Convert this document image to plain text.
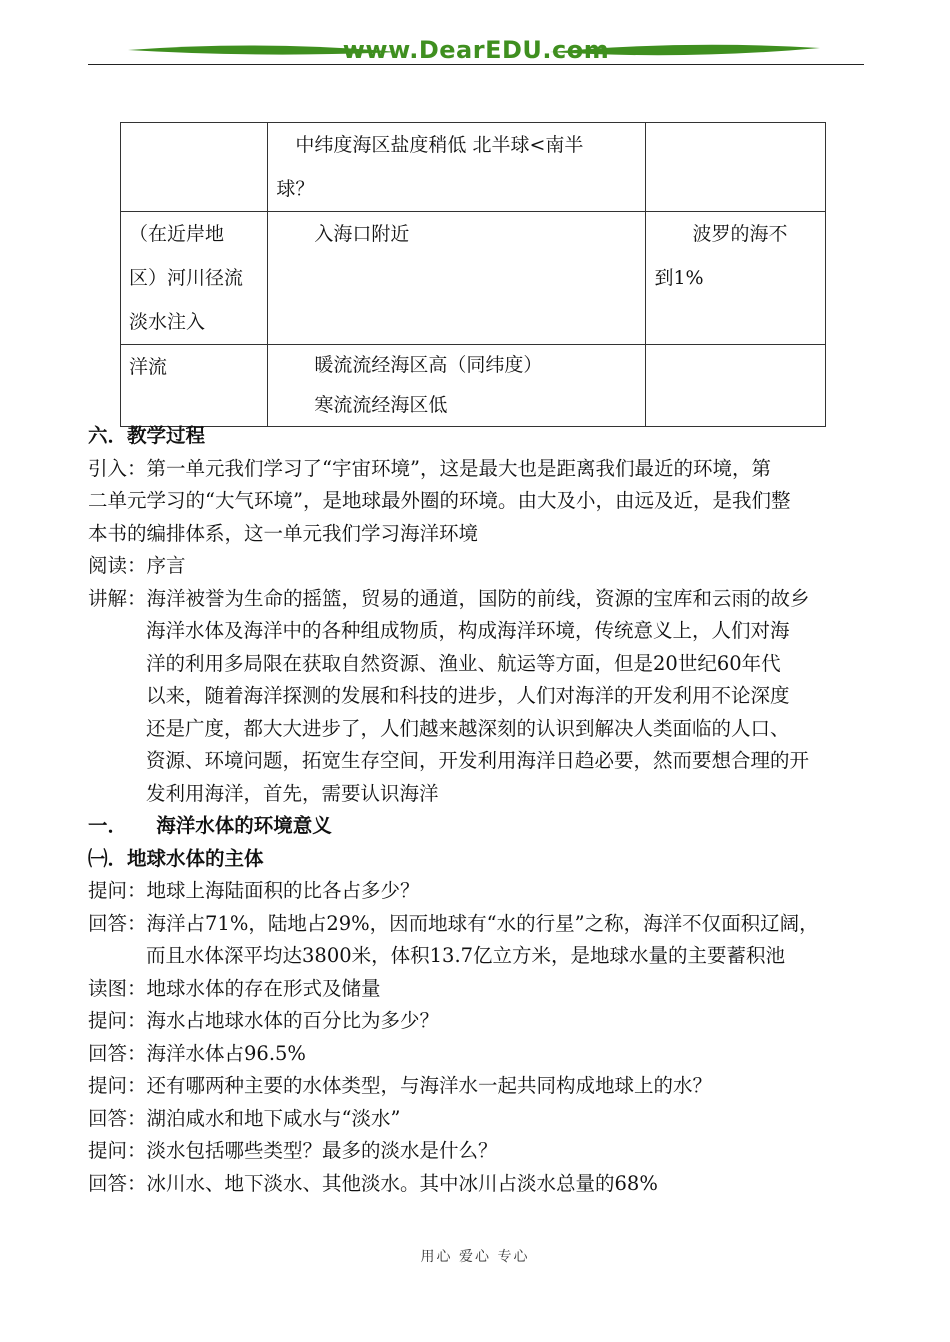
www.DearEDU.com

	　中纬度海区盐度稍低 北半球<南半
球？	

（在近岸地
区）河川径流
淡水注入	　　入海口附近	　　波罗的海不
到1%

洋流	　　暖流流经海区高（同纬度）
　　寒流流经海区低	

六．教学过程
引入：第一单元我们学习了“宇宙环境”，这是最大也是距离我们最近的环境，第
二单元学习的“大气环境”，是地球最外圈的环境。由大及小，由远及近，是我们整
本书的编排体系，这一单元我们学习海洋环境
阅读：序言
讲解：海洋被誉为生命的摇篮，贸易的通道，国防的前线，资源的宝库和云雨的故乡
海洋水体及海洋中的各种组成物质，构成海洋环境，传统意义上，人们对海
洋的利用多局限在获取自然资源、渔业、航运等方面，但是20世纪60年代
以来，随着海洋探测的发展和科技的进步，人们对海洋的开发利用不论深度
还是广度，都大大进步了，人们越来越深刻的认识到解决人类面临的人口、
资源、环境问题，拓宽生存空间，开发利用海洋日趋必要，然而要想合理的开
发利用海洋，首先，需要认识海洋
一．　　海洋水体的环境意义
㈠．地球水体的主体
提问：地球上海陆面积的比各占多少？
回答：海洋占71%，陆地占29%，因而地球有“水的行星”之称，海洋不仅面积辽阔，
而且水体深平均达3800米，体积13.7亿立方米，是地球水量的主要蓄积池
读图：地球水体的存在形式及储量
提问：海水占地球水体的百分比为多少？
回答：海洋水体占96.5%
提问：还有哪两种主要的水体类型，与海洋水一起共同构成地球上的水？
回答：湖泊咸水和地下咸水与“淡水”
提问：淡水包括哪些类型？最多的淡水是什么？
回答：冰川水、地下淡水、其他淡水。其中冰川占淡水总量的68%
用心 爱心 专心
